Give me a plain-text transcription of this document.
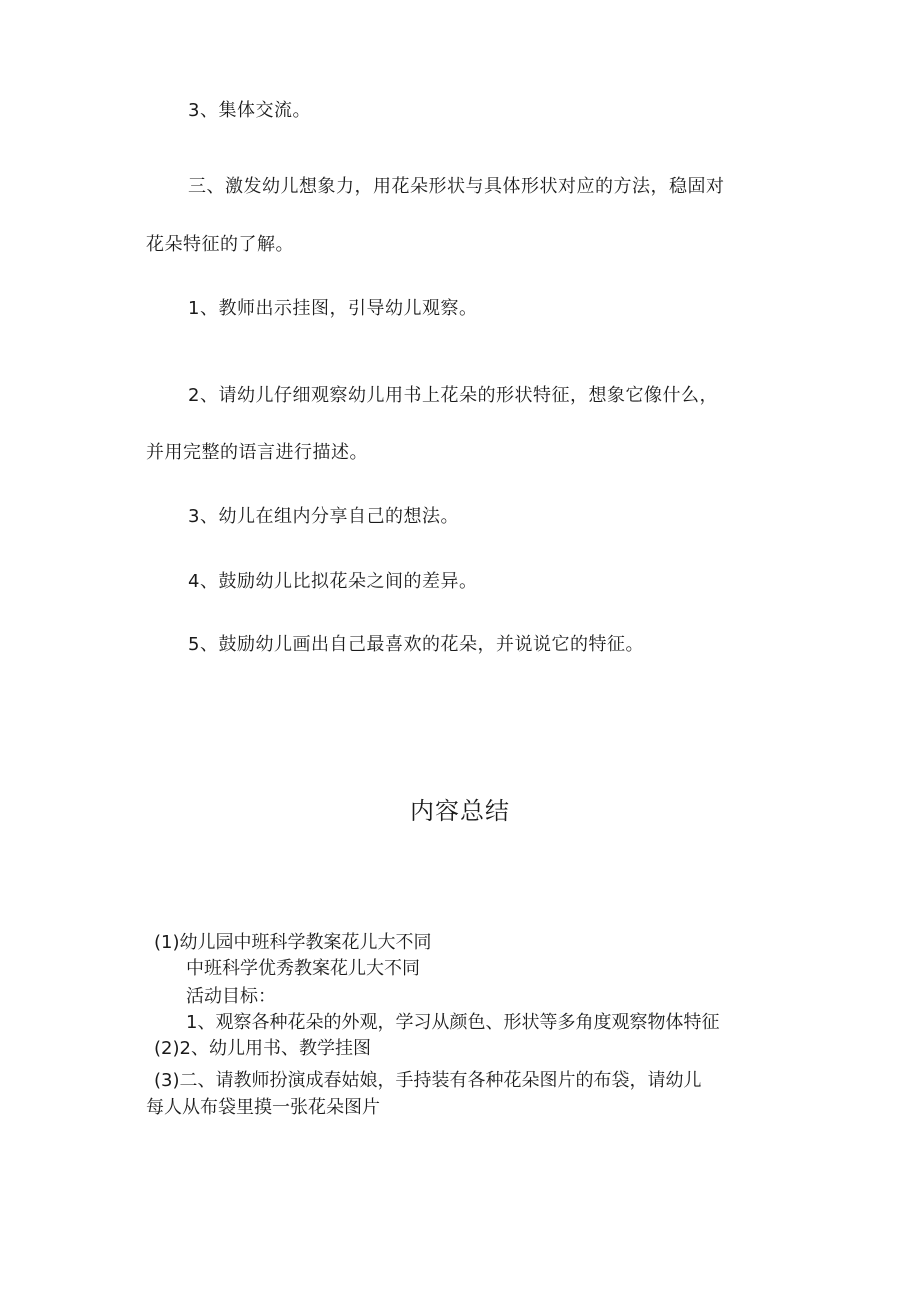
3、集体交流。

三、激发幼儿想象力，用花朵形状与具体形状对应的方法，稳固对

花朵特征的了解。

1、教师出示挂图，引导幼儿观察。

2、请幼儿仔细观察幼儿用书上花朵的形状特征，想象它像什么，

并用完整的语言进行描述。

3、幼儿在组内分享自己的想法。

4、鼓励幼儿比拟花朵之间的差异。

5、鼓励幼儿画出自己最喜欢的花朵，并说说它的特征。

内容总结

(1)幼儿园中班科学教案花儿大不同

中班科学优秀教案花儿大不同

活动目标：

1、观察各种花朵的外观，学习从颜色、形状等多角度观察物体特征

(2)2、幼儿用书、教学挂图

(3)二、请教师扮演成春姑娘，手持装有各种花朵图片的布袋，请幼儿

每人从布袋里摸一张花朵图片
